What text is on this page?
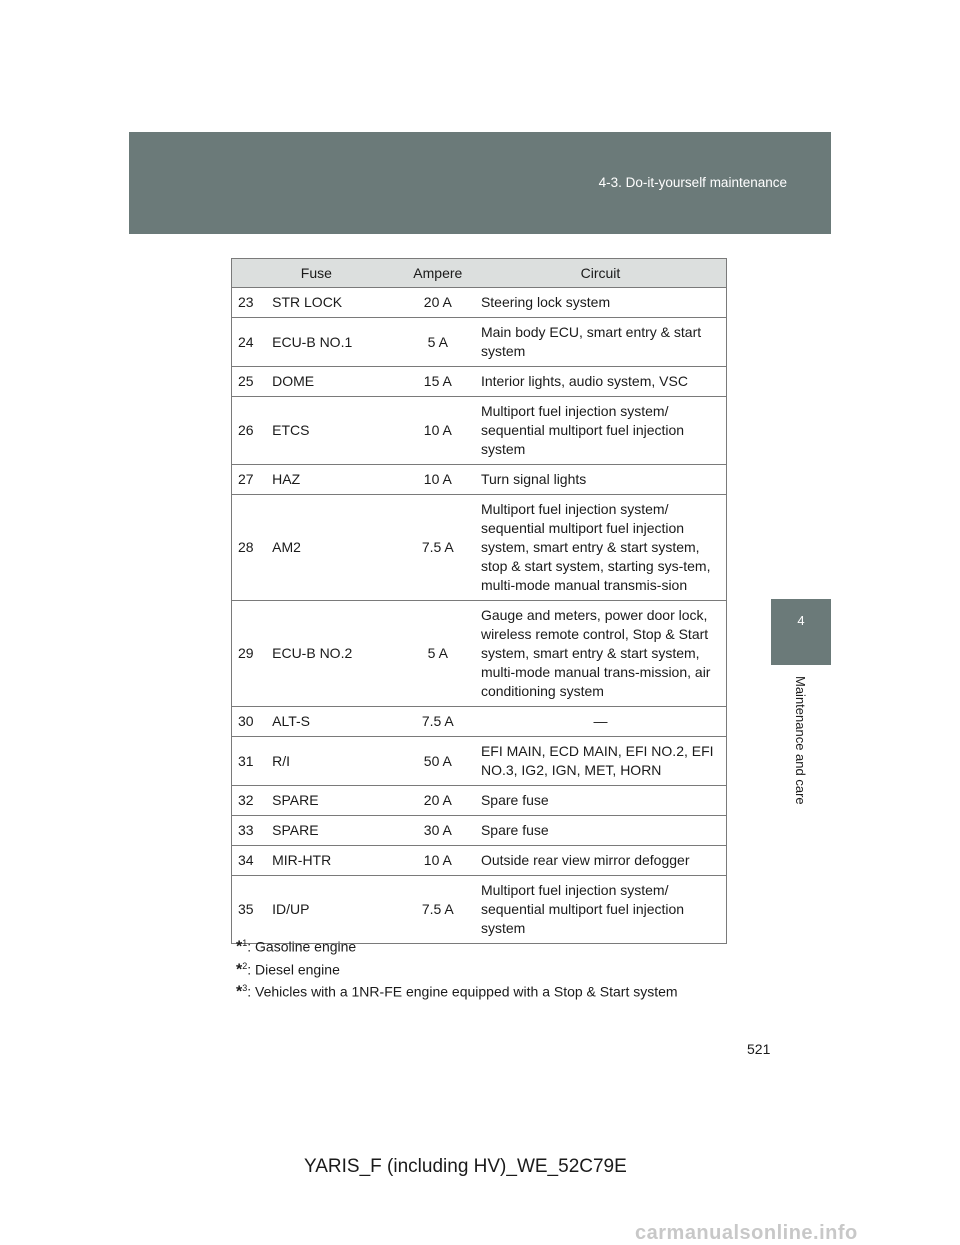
4-3. Do-it-yourself maintenance
4
Maintenance and care
Fuse		Ampere	Circuit
23	STR LOCK	20 A	Steering lock system
24	ECU-B NO.1	5 A	Main body ECU, smart entry & start system
25	DOME	15 A	Interior lights, audio system, VSC
26	ETCS	10 A	Multiport fuel injection system/ sequential multiport fuel injection system
27	HAZ	10 A	Turn signal lights
28	AM2	7.5 A	Multiport fuel injection system/ sequential multiport fuel injection system, smart entry & start system, stop & start system, starting sys-tem, multi-mode manual transmis-sion
29	ECU-B NO.2	5 A	Gauge and meters, power door lock, wireless remote control, Stop & Start system, smart entry & start system, multi-mode manual trans-mission, air conditioning system
30	ALT-S	7.5 A	—
31	R/I	50 A	EFI MAIN, ECD MAIN, EFI NO.2, EFI NO.3, IG2, IGN, MET, HORN
32	SPARE	20 A	Spare fuse
33	SPARE	30 A	Spare fuse
34	MIR-HTR	10 A	Outside rear view mirror defogger
35	ID/UP	7.5 A	Multiport fuel injection system/ sequential multiport fuel injection system
*$^1$: Gasoline engine
*$^2$: Diesel engine
*$^3$: Vehicles with a 1NR-FE engine equipped with a Stop & Start system
521
YARIS_F (including HV)_WE_52C79E
carmanualsonline.info
